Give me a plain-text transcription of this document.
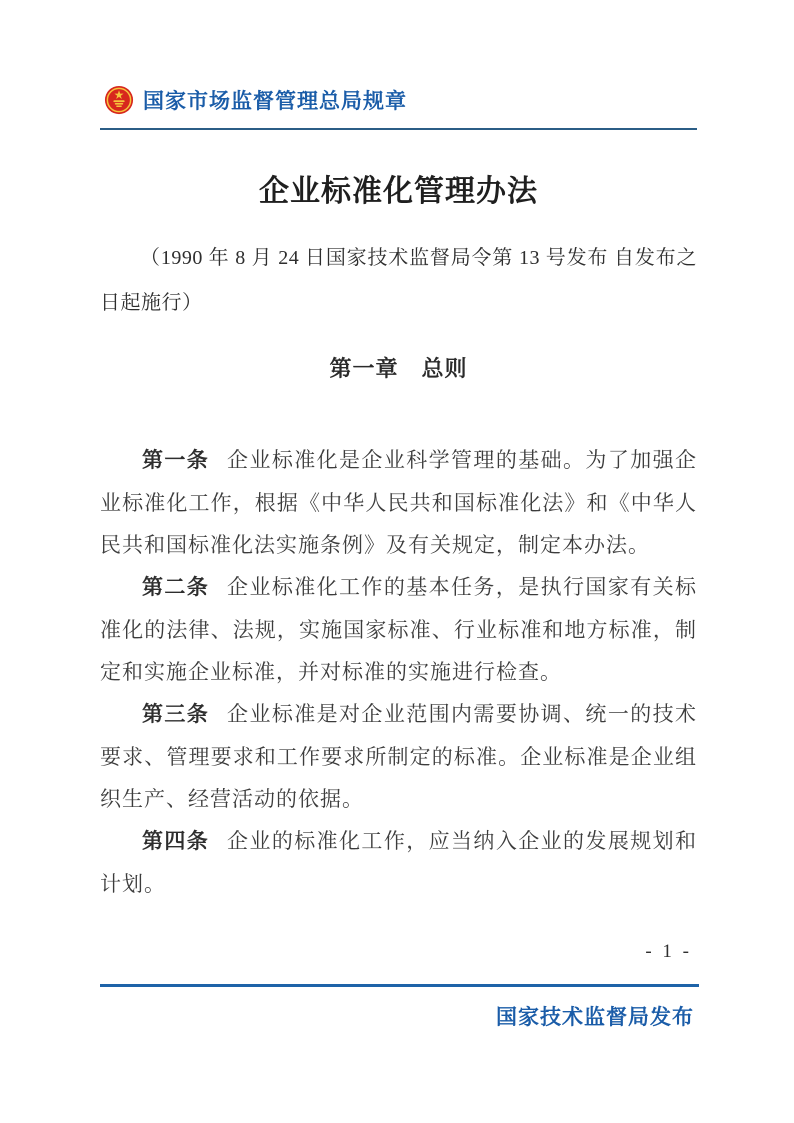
国家市场监督管理总局规章
企业标准化管理办法

（1990 年 8 月 24 日国家技术监督局令第 13 号发布 自发布之日起施行）

第一章　总则

第一条 企业标准化是企业科学管理的基础。为了加强企业标准化工作，根据《中华人民共和国标准化法》和《中华人民共和国标准化法实施条例》及有关规定，制定本办法。

第二条 企业标准化工作的基本任务，是执行国家有关标准化的法律、法规，实施国家标准、行业标准和地方标准，制定和实施企业标准，并对标准的实施进行检查。

第三条 企业标准是对企业范围内需要协调、统一的技术要求、管理要求和工作要求所制定的标准。企业标准是企业组织生产、经营活动的依据。

第四条 企业的标准化工作，应当纳入企业的发展规划和计划。

- 1 -
国家技术监督局发布
